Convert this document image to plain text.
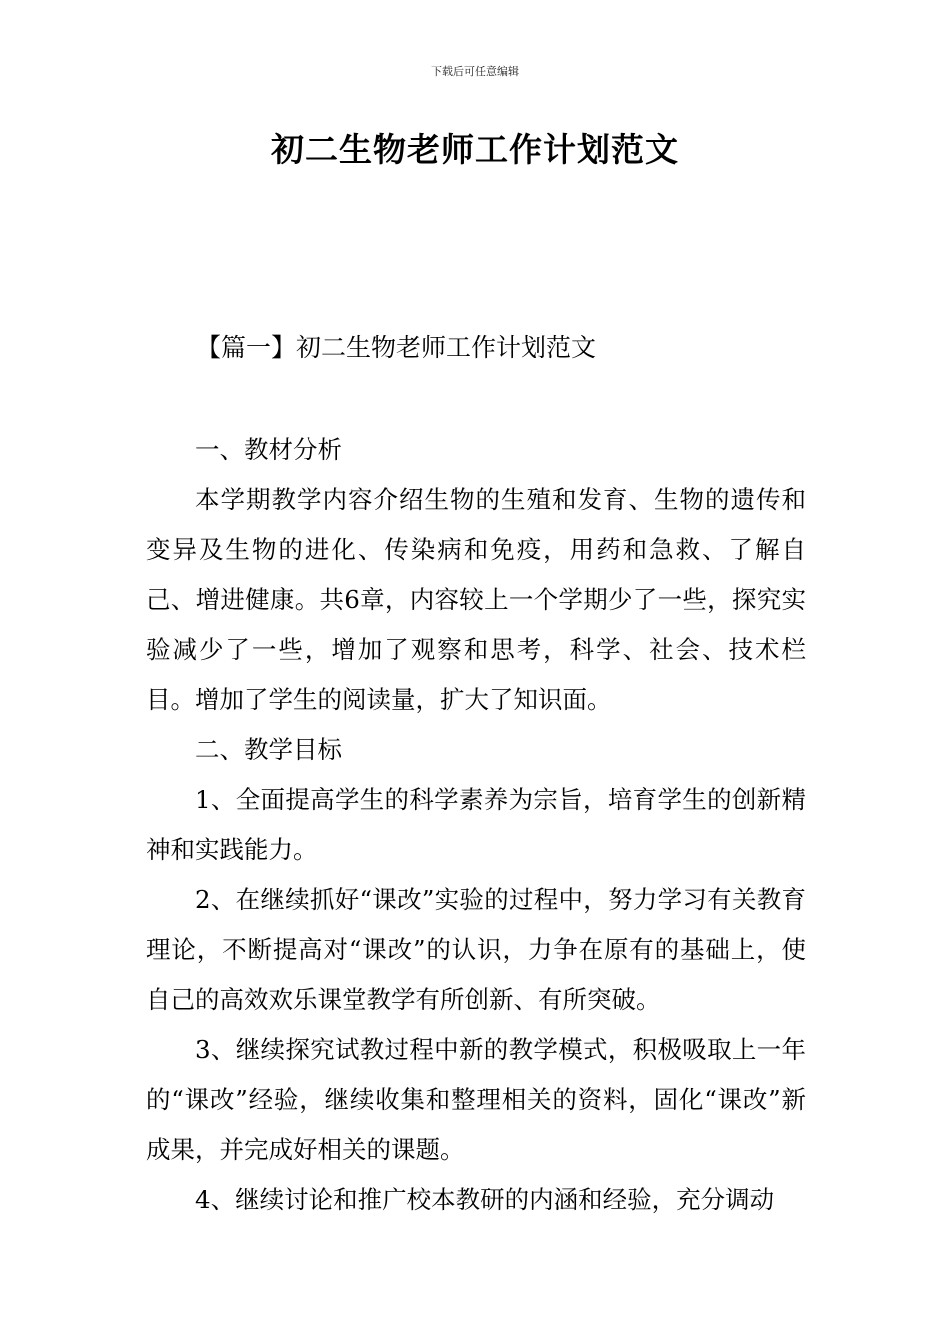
下载后可任意编辑
初二生物老师工作计划范文
【篇一】初二生物老师工作计划范文

一、教材分析

本学期教学内容介绍生物的生殖和发育、生物的遗传和变异及生物的进化、传染病和免疫，用药和急救、了解自己、增进健康。共6章，内容较上一个学期少了一些，探究实验减少了一些，增加了观察和思考，科学、社会、技术栏目。增加了学生的阅读量，扩大了知识面。

二、教学目标

1、全面提高学生的科学素养为宗旨，培育学生的创新精神和实践能力。

2、在继续抓好“课改”实验的过程中，努力学习有关教育理论，不断提高对“课改”的认识，力争在原有的基础上，使自己的高效欢乐课堂教学有所创新、有所突破。

3、继续探究试教过程中新的教学模式，积极吸取上一年的“课改”经验，继续收集和整理相关的资料，固化“课改”新成果，并完成好相关的课题。

4、继续讨论和推广校本教研的内涵和经验，充分调动
